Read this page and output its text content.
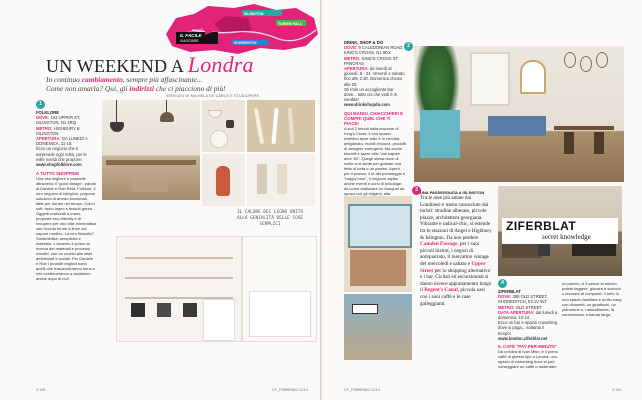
ISLINGTON
TOWER HALL
SHOREDITCH
IL FACILE
VIAGGIARE
UN WEEKEND A Londra
In continuo cambiamento, sempre più affascinante...
Come non amarla? Qui, gli indirizzi che ci piacciono di più!
SERVIZIO DI MICHELA DE CARLO E STUDIOPEPE
1
FOLKLORE
DOVE: 193 UPPER ST, ISLINGTON, N1 1RQ
METRO: HIGHBURY & ISLINGTON
APERTURA: DA LUNEDÌ A DOMENICA, 11-18.
Ecco un negozio che ti sorprende ogni volta, per le mille novità che propone.
www.shopfolklore.com
A TUTTO SHOPPING
Una vita migliore è possibile attraverso il "good design", parola di Daniele e Rob Reid. Folklore, il loro negozio di Islington, propone soluzioni di arredo funzionali, fatte per durare nel tempo. Colori soft, tanto legno e tessuti grezzi. Oggetti realizzati a mano, proposte eco-friendly e di recupero per uno stile minimalista che ricorda forme a linee dal sapore nordico. La loro filosofia? Sostenibilità, semplicità e maestria. L'accento è posto su ricerca dei materiali e processi creativi, con un occhio alle sfide ambientali e sociali. Per Daniele e Rob i prodotti migliori sono quelli che trascenderanno bene e che continueranno a assisterci... anche dopo di noi!
IL CALORE DEL LEGNO UNITO ALLA GENIALITÀ DELLE COSE SEMPLICI
3.108	CF_FEBBRAIO 2014
DRINK, SHOP & DO
DOVE: 9 CALEDONIAN ROAD, KING'S CROSS, N1 9DX
METRO: KING'S CROSS ST. PANCRAS
APERTURA: da lunedì al giovedì, 9 - 24. Venerdì e sabato fino alle 2.30. Domenica chiuso alle 20.
Gli Irnik un accogliente bar dove... tutto ciò che vedi è in vendita!
www.drinkshopdo.com
QUI MANGI, CHIACCHIERI E COMPRI QUEL CHE TI PIACE!
A soli 2 minuti dalla stazione di King's Cross, il uno spazio eclettico dove tutto è in vendita: artigianato, mobili d'epoca, prodotti di designer emergenti. Ma anche biscotti e tazze stile "dal sapore anni '50". Quegli stessi dove di solito ci si siede per gustare una fetta di torta o un panino. Aperti per il pranzo, il tè del pomeriggio e "happy hour", il negozio ospita anche eventi e corsi di bricolage: da come realizzare un bouquet da sposa con gli origami, alla
2
3 UNA PASSEGGIATA A ISLINGTON
Tra le aree più amate dai Londinesi e meno conosciute dai turisti: stradine alberate, piccole piazze, architettura georgiana. Vibrante e radical-chic, si estende tra le stazioni di Angel e Highbury & Islington. Da non perdere Camden Passage, per i suoi piccoli bistrot, i negozi di antiquariato, il mercatino vintage del mercoledì e sabato e Upper Street per lo shopping alternativo e i bar. Ciclisti ed escursionisti si danno invece appuntamento lungo il Regent's Canal, piccola oasi con i suoi caffè e le case galleggianti.
ZIFERBLAT
secret knowledge
4
ZIFERBLAT
DOVE: 388 OLD STREET, SHOREDITCH, EC1V 9LT
METRO: OLD STREET
DATA APERTURA: dal lunedì a domenica, 10-24.
Ecco un bar e spazio coworking dove si paga... soltanto il tempo!
www.london.ziferblat.net
IL CAFÈ "PAY-PER-MINUTE"
Da un'idea di Ivan Mitin, è il primo caffè di questo tipo a Londra: uno spazio di coworking dove si può sorseggiare un caffè o addentare
un panino. A 3 pence al minuto, potete leggere, giocare a scacchi o lavorare al computer. Il tutto in uno spazio familiare e molto easy, con divanetti, un giradischi, un pianoforte e, naturalmente, la connessione a banda larga.
CF_FEBBRAIO 2014	3.109
